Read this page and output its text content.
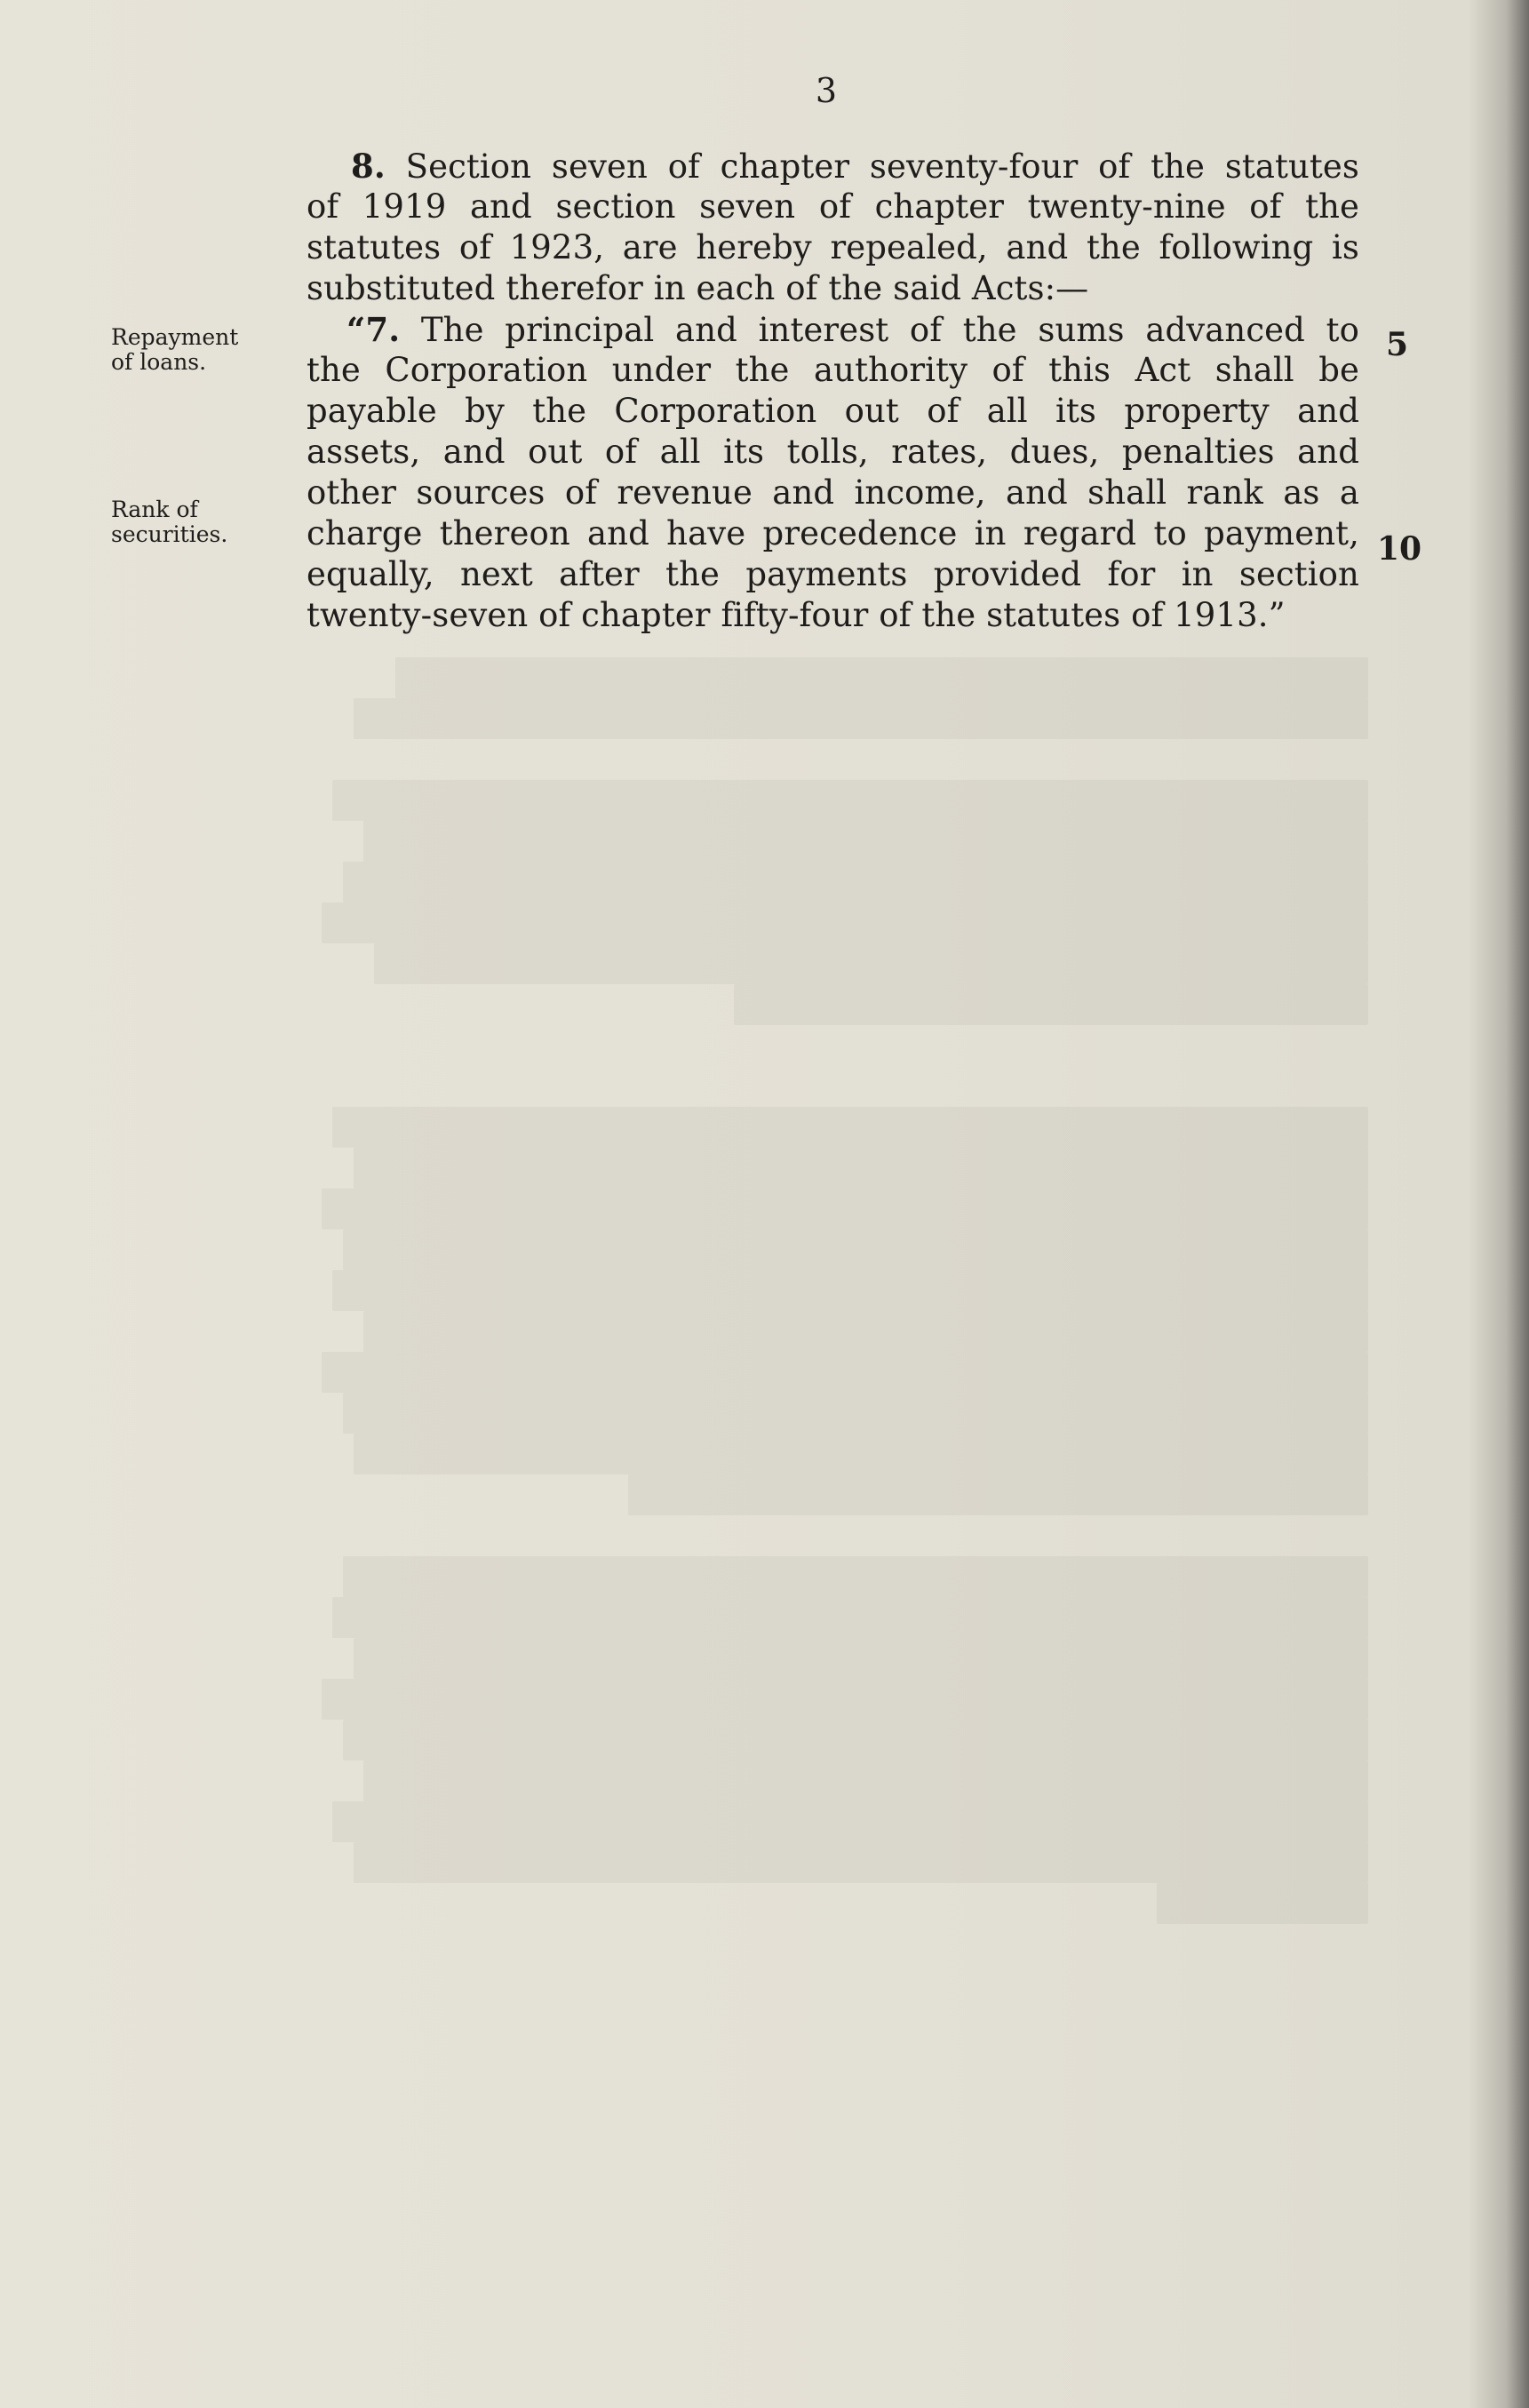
3
Repayment
of loans.
Rank of
securities.
8. Section seven of chapter seventy-four of the statutes
of 1919 and section seven of chapter twenty-nine of the
statutes of 1923, are hereby repealed, and the following is
substituted therefor in each of the said Acts:—
“7. The principal and interest of the sums advanced to
the Corporation under the authority of this Act shall be
payable by the Corporation out of all its property and
assets, and out of all its tolls, rates, dues, penalties and
other sources of revenue and income, and shall rank as a
charge thereon and have precedence in regard to payment,
equally, next after the payments provided for in section
twenty-seven of chapter fifty-four of the statutes of 1913.”
5
10
